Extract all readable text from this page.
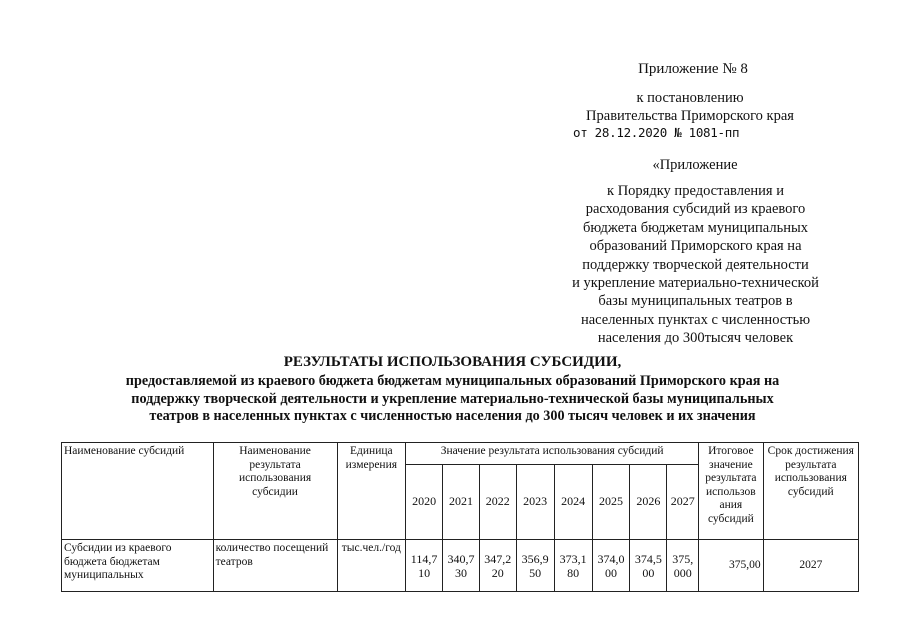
Приложение № 8
к постановлению
Правительства Приморского края
от 28.12.2020 № 1081-пп
«Приложение
к Порядку предоставления и
расходования субсидий из краевого
бюджета бюджетам муниципальных
образований Приморского края на
поддержку творческой деятельности
и укрепление материально-технической
базы муниципальных театров в
населенных пунктах с численностью
населения до 300тысяч человек
РЕЗУЛЬТАТЫ ИСПОЛЬЗОВАНИЯ СУБСИДИИ,
предоставляемой из краевого бюджета бюджетам муниципальных образований Приморского края на
поддержку творческой деятельности и укрепление материально-технической базы муниципальных
театров в населенных пунктах с численностью населения до 300 тысяч человек и их значения
Наименование субсидий	Наименование результата использования субсидии	Единица измерения	Значение результата использования субсидий								Итоговое значение результата использов ания субсидий	Срок достижения результата использования субсидий
			2020	2021	2022	2023	2024	2025	2026	2027		
Субсидии из краевого бюджета бюджетам муниципальных	количество посещений театров	тыс.чел./год	114,710	340,730	347,220	356,950	373,180	374,000	374,500	375,000	375,00	2027
